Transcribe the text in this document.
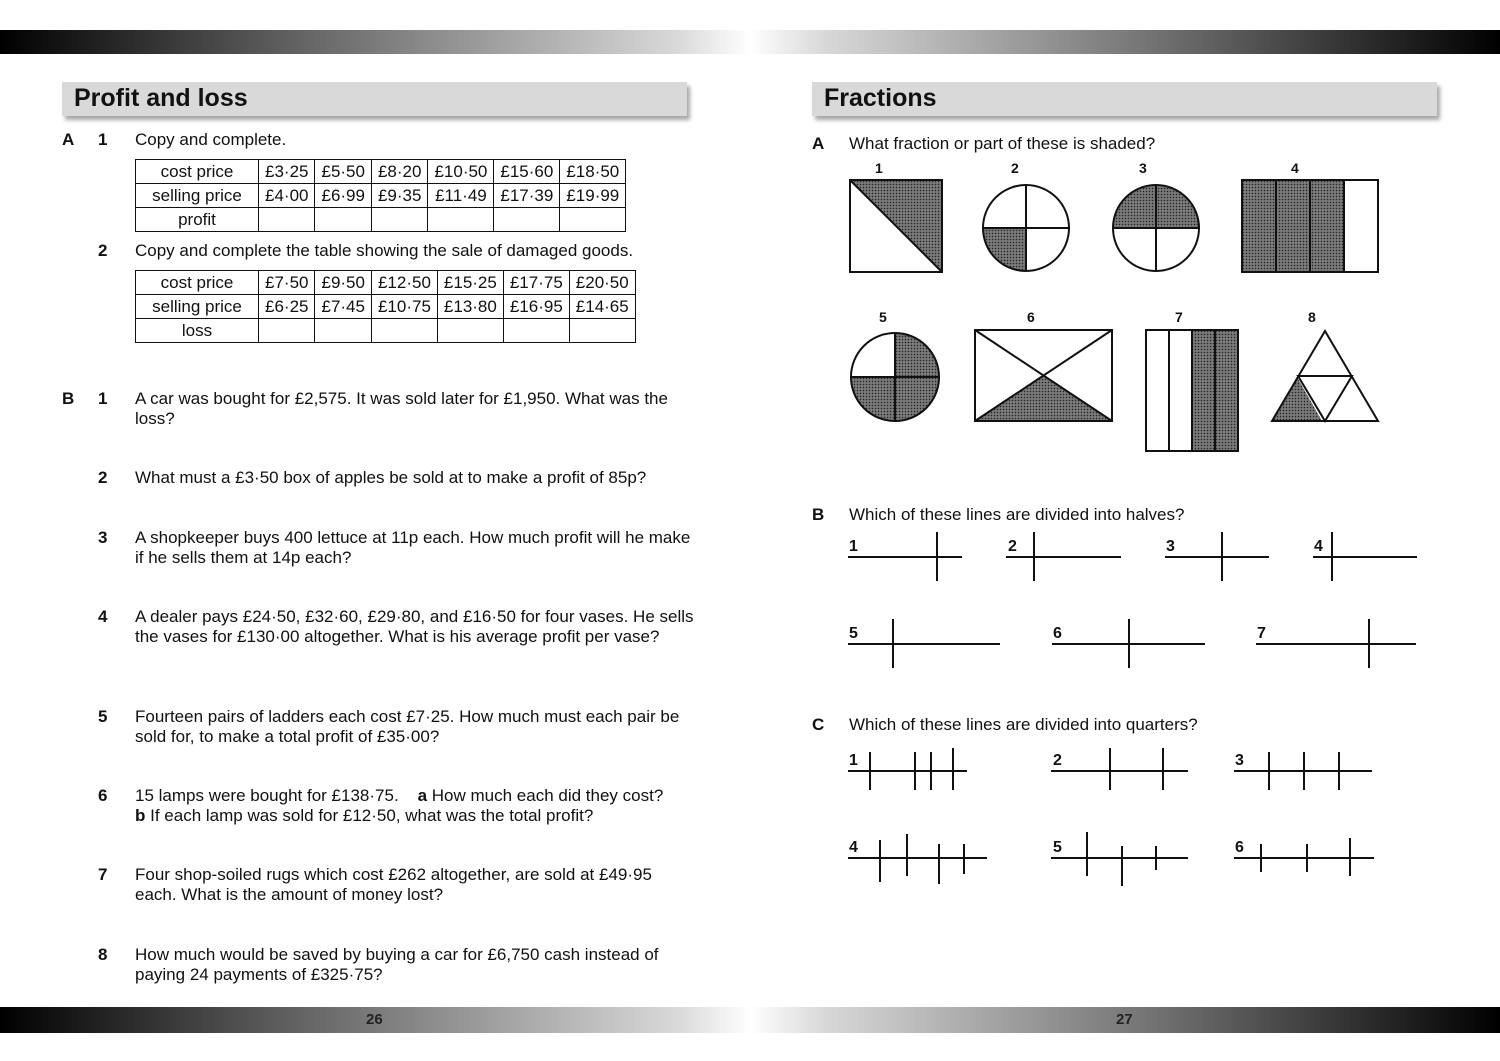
26	27
Profit and loss
A 1 Copy and complete.
cost price	£3·25	£5·50	£8·20	£10·50	£15·60	£18·50
selling price	£4·00	£6·99	£9·35	£11·49	£17·39	£19·99
profit						
2 Copy and complete the table showing the sale of damaged goods.
cost price	£7·50	£9·50	£12·50	£15·25	£17·75	£20·50
selling price	£6·25	£7·45	£10·75	£13·80	£16·95	£14·65
loss						
B 1 A car was bought for £2,575. It was sold later for £1,950. What was the loss?
2 What must a £3·50 box of apples be sold at to make a profit of 85p?
3 A shopkeeper buys 400 lettuce at 11p each. How much profit will he make if he sells them at 14p each?
4 A dealer pays £24·50, £32·60, £29·80, and £16·50 for four vases. He sells the vases for £130·00 altogether. What is his average profit per vase?
5 Fourteen pairs of ladders each cost £7·25. How much must each pair be sold for, to make a total profit of £35·00?
6 15 lamps were bought for £138·75. a How much each did they cost?
b If each lamp was sold for £12·50, what was the total profit?
7 Four shop-soiled rugs which cost £262 altogether, are sold at £49·95 each. What is the amount of money lost?
8 How much would be saved by buying a car for £6,750 cash instead of paying 24 payments of £325·75?
Fractions
A What fraction or part of these is shaded?
1	2	3	4
5	6	7	8
B Which of these lines are divided into halves?
1	2	3	4
5	6	7
C Which of these lines are divided into quarters?
1	2	3
4	5	6
